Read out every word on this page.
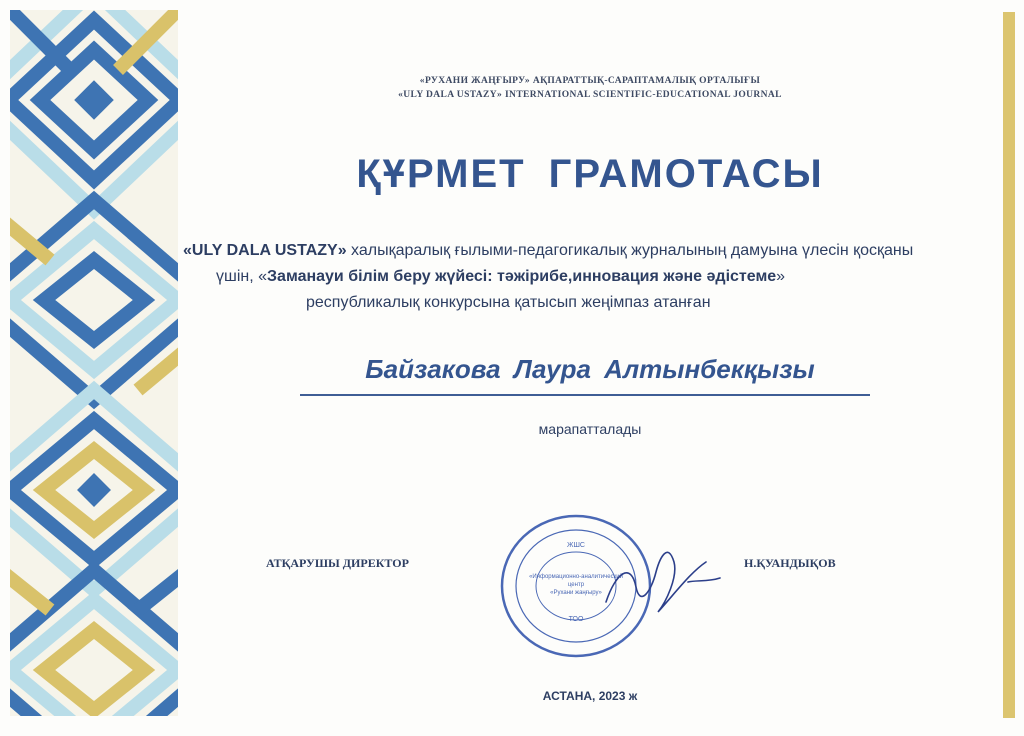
«РУХАНИ ЖАҢҒЫРУ» АҚПАРАТТЫҚ-САРАПТАМАЛЫҚ ОРТАЛЫҒЫ
«ULY DALA USTAZY» INTERNATIONAL SCIENTIFIC-EDUCATIONAL JOURNAL
ҚҰРМЕТ ГРАМОТАСЫ
«ULY DALA USTAZY» халықаралық ғылыми-педагогикалық журналының дамуына үлесін қосқаны
үшін, «Заманауи білім беру жүйесі: тәжірибе,инновация және әдістеме»
республикалық конкурсына қатысып жеңімпаз атанған
Байзакова Лаура Алтынбекқызы
марапатталады
АТҚАРУШЫ ДИРЕКТОР	Н.ҚУАНДЫҚОВ
ЖШС
«Информационно-аналитический
центр
«Рухани жаңғыру»
ТОО
АСТАНА, 2023 ж
